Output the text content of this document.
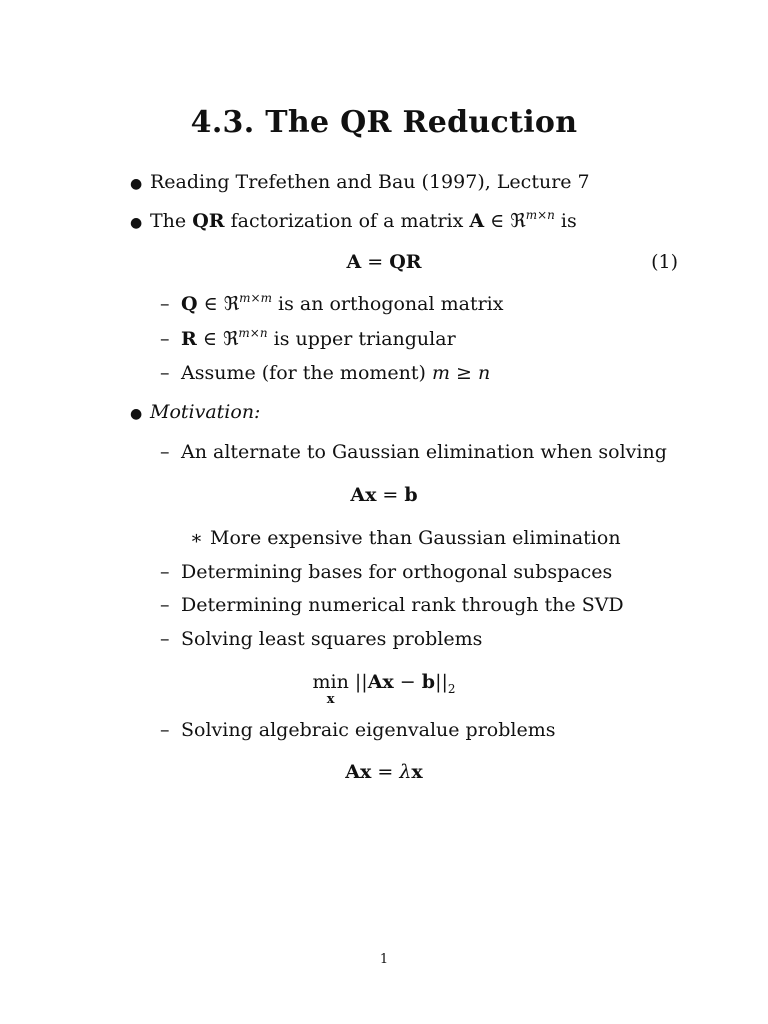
4.3. The QR Reduction
● Reading Trefethen and Bau (1997), Lecture 7
● The QR factorization of a matrix A ∈ ℜ$^{m\times n}$ is
A = QR	(1)
– Q ∈ ℜ$^{m\times m}$ is an orthogonal matrix
– R ∈ ℜ$^{m\times n}$ is upper triangular
– Assume (for the moment) m ≥ n
● Motivation:
– An alternate to Gaussian elimination when solving
Ax = b
∗ More expensive than Gaussian elimination
– Determining bases for orthogonal subspaces
– Determining numerical rank through the SVD
– Solving least squares problems
min
x
$||Ax - b||_2$
– Solving algebraic eigenvalue problems
Ax = λx
1
